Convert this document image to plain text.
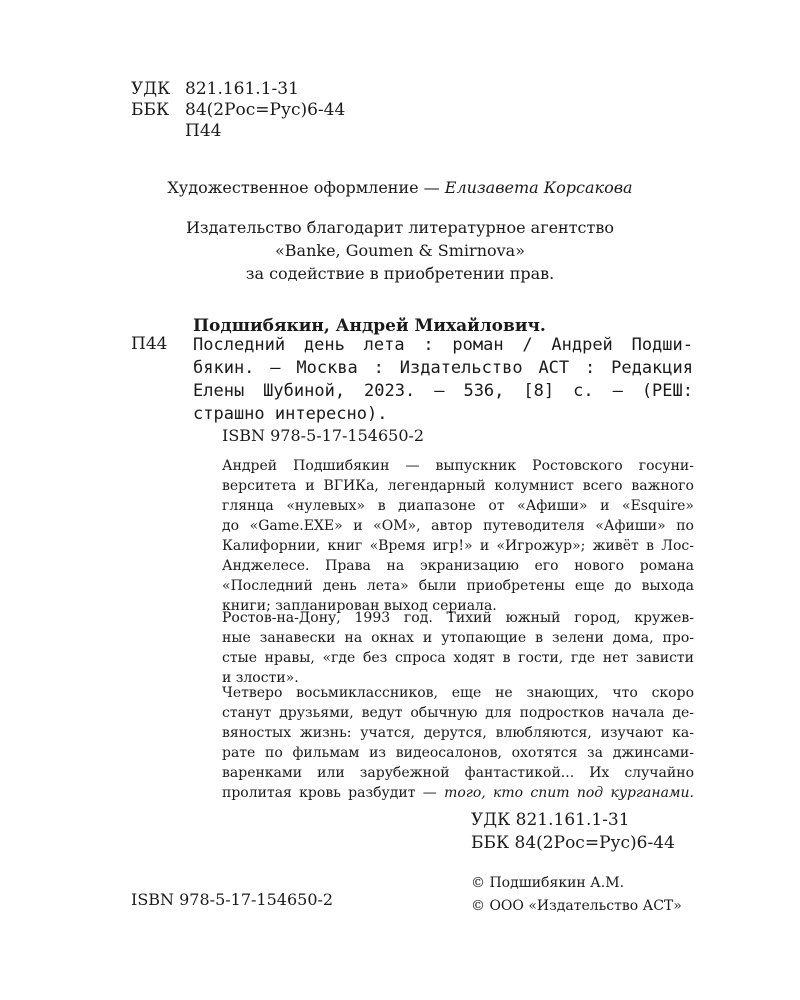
УДК 821.161.1-31
ББК 84(2Рос=Рус)6-44
П44
Художественное оформление — Елизавета Корсакова
Издательство благодарит литературное агентство
«Banke, Goumen & Smirnova»
за содействие в приобретении прав.
Подшибякин, Андрей Михайлович.
П44 Последний день лета : роман / Андрей Подши-бякин. — Москва : Издательство АСТ : Редакция Елены Шубиной, 2023. — 536, [8] с. — (РЕШ: страшно интересно).
ISBN 978-5-17-154650-2
Андрей Подшибякин — выпускник Ростовского госуни-
верситета и ВГИКа, легендарный колумнист всего важного
глянца «нулевых» в диапазоне от «Афиши» и «Esquire»
до «Game.EXE» и «ОМ», автор путеводителя «Афиши» по
Калифорнии, книг «Время игр!» и «Игрожур»; живёт в Лос-
Анджелесе. Права на экранизацию его нового романа
«Последний день лета» были приобретены еще до выхода
книги; запланирован выход сериала.
Ростов-на-Дону, 1993 год. Тихий южный город, кружев-
ные занавески на окнах и утопающие в зелени дома, про-
стые нравы, «где без спроса ходят в гости, где нет зависти
и злости».
Четверо восьмиклассников, еще не знающих, что скоро
станут друзьями, ведут обычную для подростков начала де-
вяностых жизнь: учатся, дерутся, влюбляются, изучают ка-
рате по фильмам из видеосалонов, охотятся за джинсами-
варенками или зарубежной фантастикой... Их случайно
пролитая кровь разбудит — того, кто спит под курганами.
УДК 821.161.1-31
ББК 84(2Рос=Рус)6-44
© Подшибякин А.М.
© ООО «Издательство АСТ»
ISBN 978-5-17-154650-2
